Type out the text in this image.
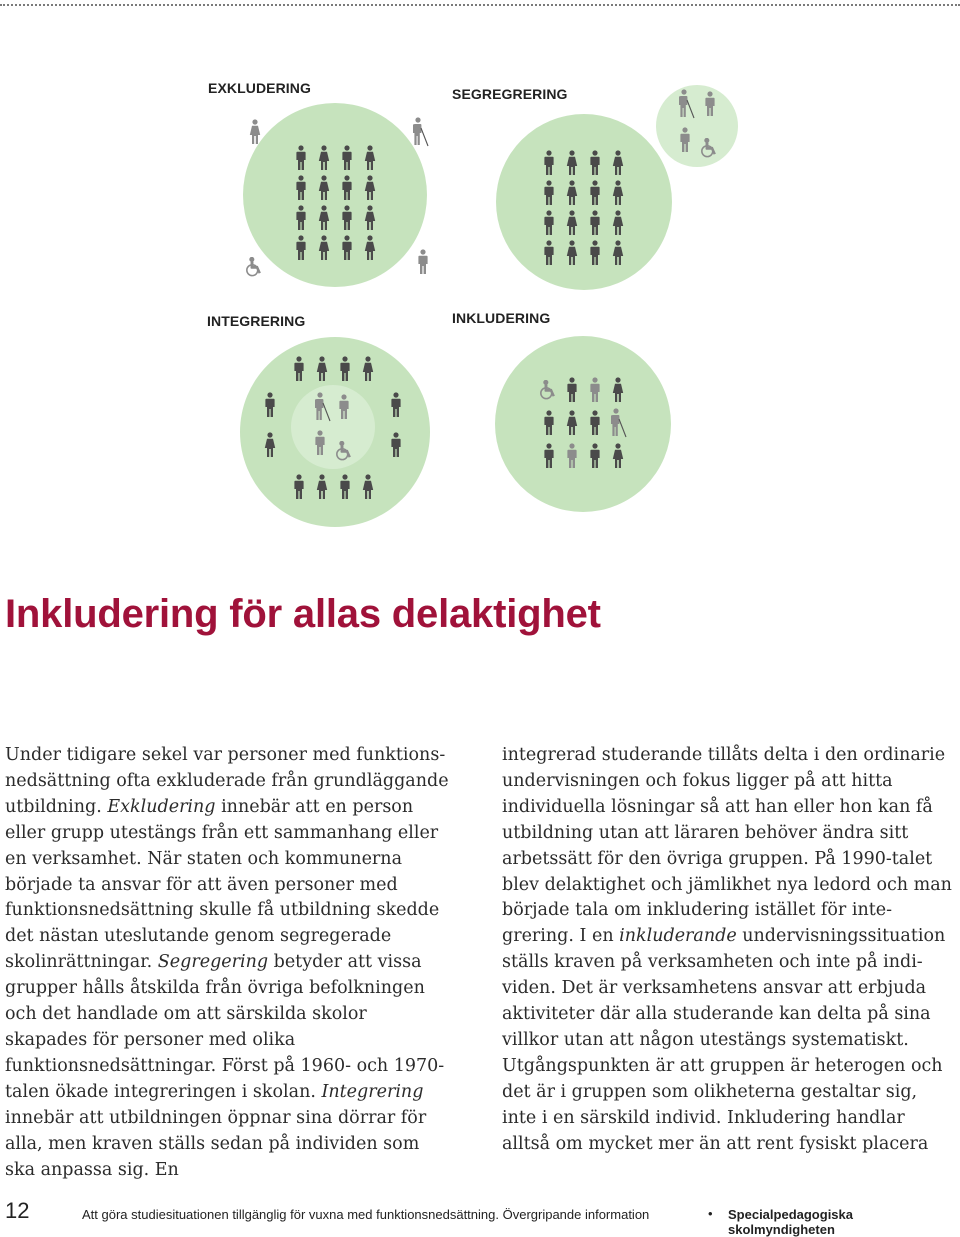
EXKLUDERING	SEGREGRERING
INTEGRERING	INKLUDERING
Inkludering för allas delaktighet

Under tidigare sekel var personer med funktionsnedsättning ofta exkluderade från grundläggande utbildning. Exkludering innebär att en person eller grupp utestängs från ett sammanhang eller en verksamhet. När staten och kommunerna började ta ansvar för att även personer med funktionsnedsättning skulle få utbildning skedde det nästan uteslutande genom segregerade skolinrättningar. Segregering betyder att vissa grupper hålls åtskilda från övriga befolkningen och det handlade om att särskilda skolor skapades för personer med olika funktionsnedsättningar. Först på 1960- och 1970-talen ökade integreringen i skolan. Integrering innebär att utbildningen öppnar sina dörrar för alla, men kraven ställs sedan på individen som ska anpassa sig. En

integrerad studerande tillåts delta i den ordinarie undervisningen och fokus ligger på att hitta individuella lösningar så att han eller hon kan få utbildning utan att läraren behöver ändra sitt arbetssätt för den övriga gruppen. På 1990-talet blev delaktighet och jämlikhet nya ledord och man började tala om inkludering istället för integrering. I en inkluderande undervisningssituation ställs kraven på verksamheten och inte på individen. Det är verksamhetens ansvar att erbjuda aktiviteter där alla studerande kan delta på sina villkor utan att någon utestängs systematiskt. Utgångspunkten är att gruppen är heterogen och det är i gruppen som olikheterna gestaltar sig, inte i en särskild individ. Inkludering handlar alltså om mycket mer än att rent fysiskt placera

12	Att göra studiesituationen tillgänglig för vuxna med funktionsnedsättning. Övergripande information	• Specialpedagogiska skolmyndigheten
